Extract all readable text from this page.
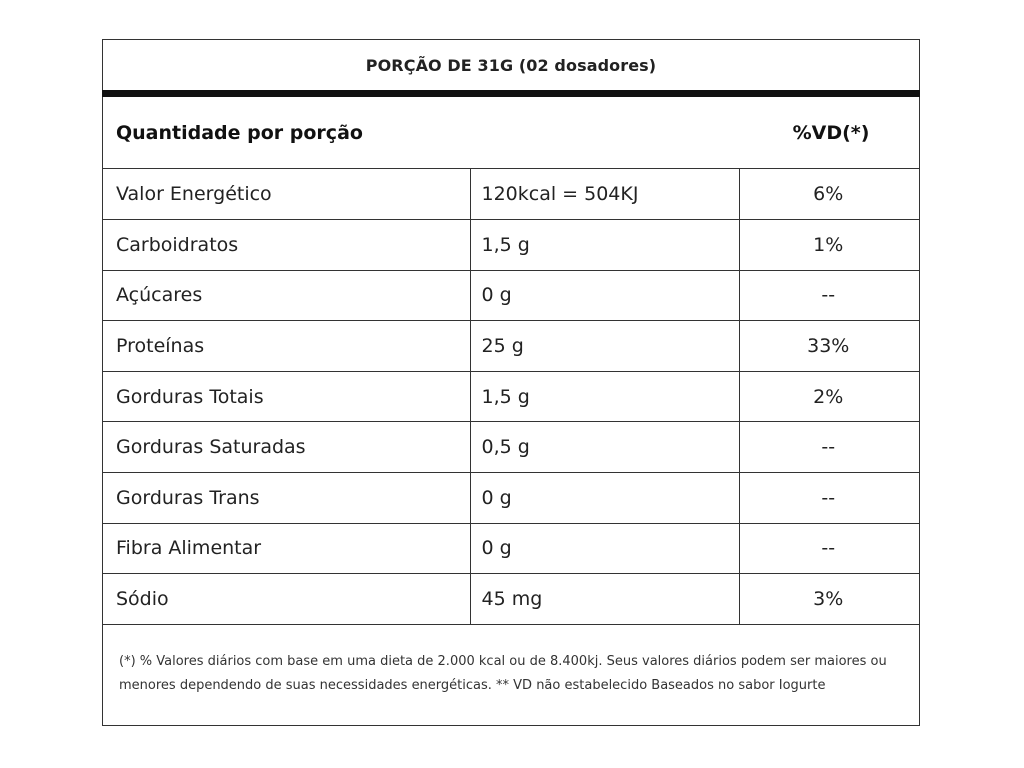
PORÇÃO DE 31G (02 dosadores)
Quantidade por porção	%VD(*)
Valor Energético	120kcal = 504KJ	6%
Carboidratos	1,5 g	1%
Açúcares	0 g	--
Proteínas	25 g	33%
Gorduras Totais	1,5 g	2%
Gorduras Saturadas	0,5 g	--
Gorduras Trans	0 g	--
Fibra Alimentar	0 g	--
Sódio	45 mg	3%
(*) % Valores diários com base em uma dieta de 2.000 kcal ou de 8.400kj. Seus valores diários podem ser maiores ou menores dependendo de suas necessidades energéticas. ** VD não estabelecido Baseados no sabor Iogurte
